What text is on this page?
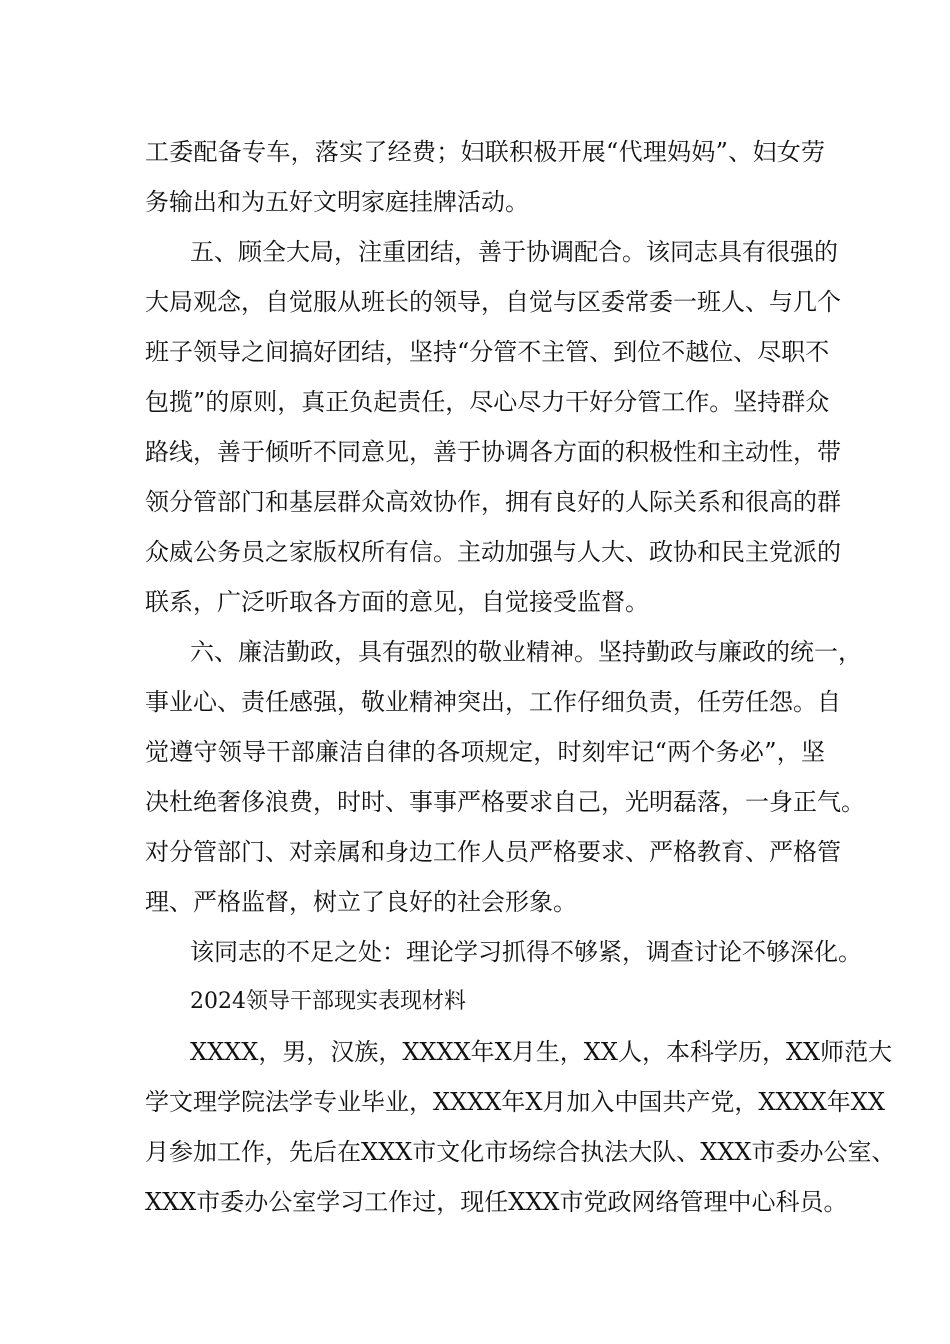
工委配备专车，落实了经费；妇联积极开展“代理妈妈”、妇女劳
务输出和为五好文明家庭挂牌活动。
五、顾全大局，注重团结，善于协调配合。该同志具有很强的
大局观念，自觉服从班长的领导，自觉与区委常委一班人、与几个
班子领导之间搞好团结，坚持“分管不主管、到位不越位、尽职不
包揽”的原则，真正负起责任，尽心尽力干好分管工作。坚持群众
路线，善于倾听不同意见，善于协调各方面的积极性和主动性，带
领分管部门和基层群众高效协作，拥有良好的人际关系和很高的群
众威公务员之家版权所有信。主动加强与人大、政协和民主党派的
联系，广泛听取各方面的意见，自觉接受监督。
六、廉洁勤政，具有强烈的敬业精神。坚持勤政与廉政的统一，
事业心、责任感强，敬业精神突出，工作仔细负责，任劳任怨。自
觉遵守领导干部廉洁自律的各项规定，时刻牢记“两个务必”，坚
决杜绝奢侈浪费，时时、事事严格要求自己，光明磊落，一身正气。
对分管部门、对亲属和身边工作人员严格要求、严格教育、严格管
理、严格监督，树立了良好的社会形象。
该同志的不足之处：理论学习抓得不够紧，调查讨论不够深化。
2024领导干部现实表现材料
XXXX，男，汉族，XXXX年X月生，XX人，本科学历，XX师范大
学文理学院法学专业毕业，XXXX年X月加入中国共产党，XXXX年XX
月参加工作，先后在XXX市文化市场综合执法大队、XXX市委办公室、
XXX市委办公室学习工作过，现任XXX市党政网络管理中心科员。
